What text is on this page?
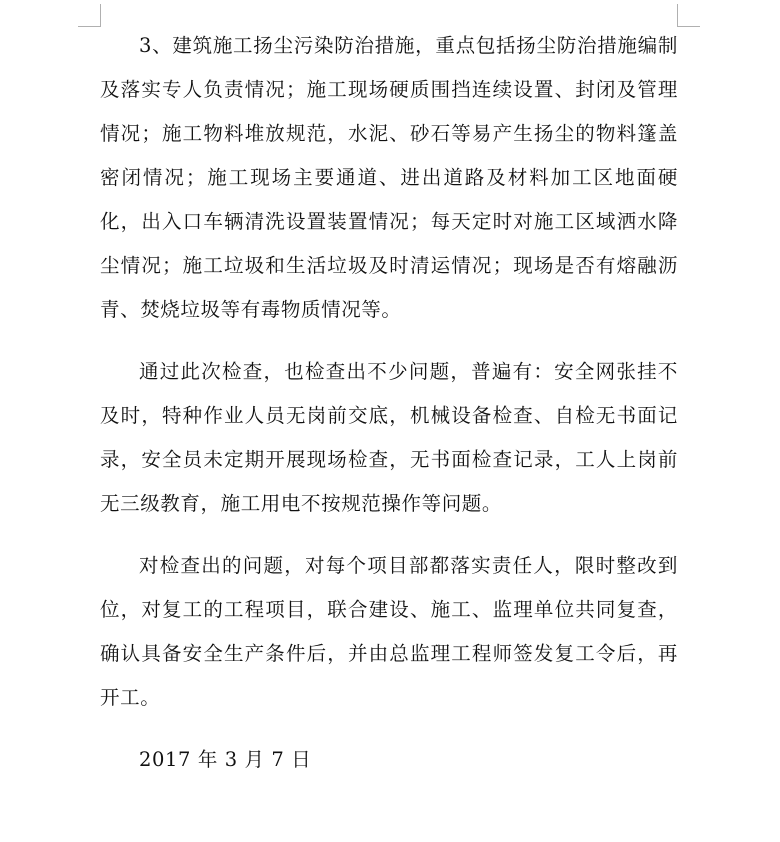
3、建筑施工扬尘污染防治措施，重点包括扬尘防治措施编制及落实专人负责情况；施工现场硬质围挡连续设置、封闭及管理情况；施工物料堆放规范，水泥、砂石等易产生扬尘的物料篷盖密闭情况；施工现场主要通道、进出道路及材料加工区地面硬化，出入口车辆清洗设置装置情况；每天定时对施工区域洒水降尘情况；施工垃圾和生活垃圾及时清运情况；现场是否有熔融沥青、焚烧垃圾等有毒物质情况等。

通过此次检查，也检查出不少问题，普遍有：安全网张挂不及时，特种作业人员无岗前交底，机械设备检查、自检无书面记录，安全员未定期开展现场检查，无书面检查记录，工人上岗前无三级教育，施工用电不按规范操作等问题。

对检查出的问题，对每个项目部都落实责任人，限时整改到位，对复工的工程项目，联合建设、施工、监理单位共同复查，确认具备安全生产条件后，并由总监理工程师签发复工令后，再开工。

2017 年 3 月 7 日
